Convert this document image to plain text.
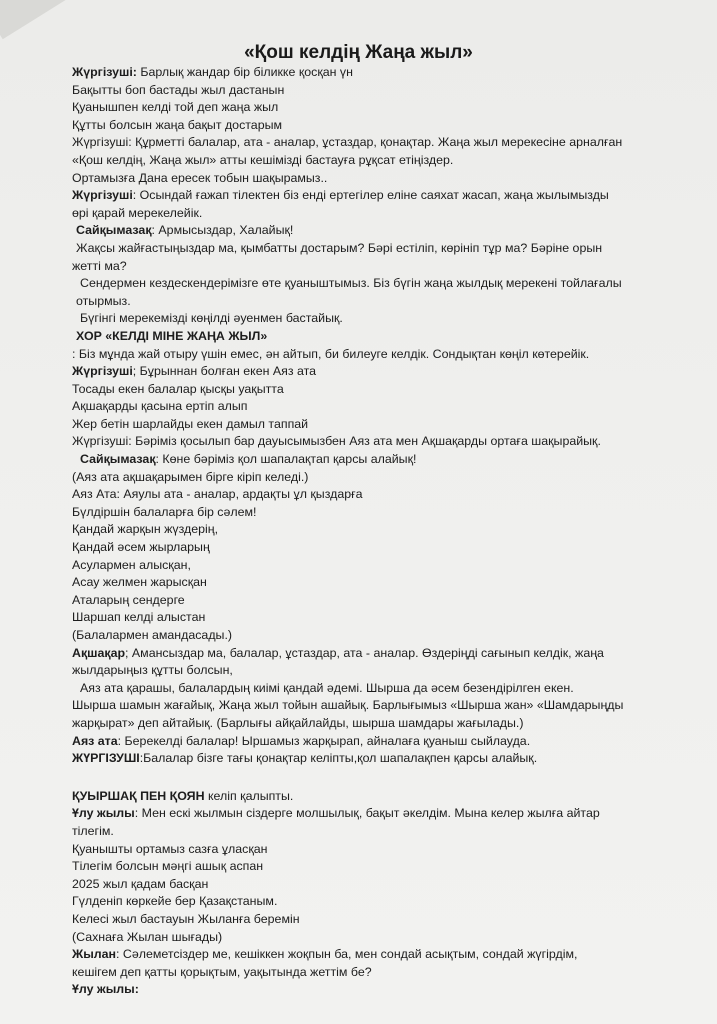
«Қош келдің Жаңа жыл»
Жүргізуші: Барлық жандар бір біликке қосқан үн
Бақытты боп бастады жыл дастанын
Қуанышпен келді той деп жаңа жыл
Құтты болсын жаңа бақыт достарым
Жүргізуші: Құрметті балалар, ата - аналар, ұстаздар, қонақтар. Жаңа жыл мерекесіне арналған
«Қош келдің, Жаңа жыл» атты кешімізді бастауға рұқсат етіңіздер.
Ортамызға Дана ересек тобын шақырамыз..
Жүргізуші: Осындай ғажап тілектен біз енді ертегілер еліне саяхат жасап, жаңа жылымызды
өрі қарай мерекелейік.
Сайқымазақ: Армысыздар, Халайық!
Жақсы жайғастыңыздар ма, қымбатты достарым? Бәрі естіліп, көрініп тұр ма? Бәріне орын
жетті ма?
Сендермен кездескендерімізге өте қуаныштымыз. Біз бүгін жаңа жылдық мерекені тойлағалы
отырмыз.
Бүгінгі мерекемізді көңілді әуенмен бастайық.
ХОР «КЕЛДІ МІНЕ ЖАҢА ЖЫЛ»
: Біз мұнда жай отыру үшін емес, ән айтып, би билеуге келдік. Сондықтан көңіл көтерейік.
Жүргізуші; Бұрыннан болған екен Аяз ата
Тосады екен балалар қысқы уақытта
Ақшақарды қасына ертіп алып
Жер бетін шарлайды екен дамыл таппай
Жүргізуші: Бәріміз қосылып бар дауысымызбен Аяз ата мен Ақшақарды ортаға шақырайық.
Сайқымазақ: Көне бәріміз қол шапалақтап қарсы алайық!
(Аяз ата ақшақарымен бірге кіріп келеді.)
Аяз Ата: Аяулы ата - аналар, ардақты ұл қыздарға
Бүлдіршін балаларға бір сәлем!
Қандай жарқын жүздерің,
Қандай әсем жырларың
Асулармен алысқан,
Асау желмен жарысқан
Аталарың сендерге
Шаршап келді алыстан
(Балалармен амандасады.)
Ақшақар; Амансыздар ма, балалар, ұстаздар, ата - аналар. Өздеріңді сағынып келдік, жаңа
жылдарыңыз құтты болсын,
Аяз ата қарашы, балалардың киімі қандай әдемі. Шырша да әсем безендірілген екен.
Шырша шамын жағайық, Жаңа жыл тойын ашайық. Барлығымыз «Шырша жан» «Шамдарыңды
жарқырат» деп айтайық. (Барлығы айқайлайды, шырша шамдары жағылады.)
Аяз ата: Берекелді балалар! Ыршамыз жарқырап, айналаға қуаныш сыйлауда.
ЖҮРГІЗУШІ:Балалар бізге тағы қонақтар келіпты,қол шапалақпен қарсы алайық.
ҚУЫРШАҚ ПЕН ҚОЯН келіп қалыпты.
Ұлу жылы: Мен ескі жылмын сіздерге молшылық, бақыт әкелдім. Мына келер жылға айтар
тілегім.
Қуанышты ортамыз сазға ұласқан
Тілегім болсын мәңгі ашық аспан
2025 жыл қадам басқан
Гүлденіп көркейе бер Қазақстаным.
Келесі жыл бастауын Жыланға беремін
(Сахнаға Жылан шығады)
Жылан: Сәлеметсіздер ме, кешіккен жоқпын ба, мен сондай асықтым, сондай жүгірдім,
кешігем деп қатты қорықтым, уақытында жеттім бе?
Ұлу жылы:
